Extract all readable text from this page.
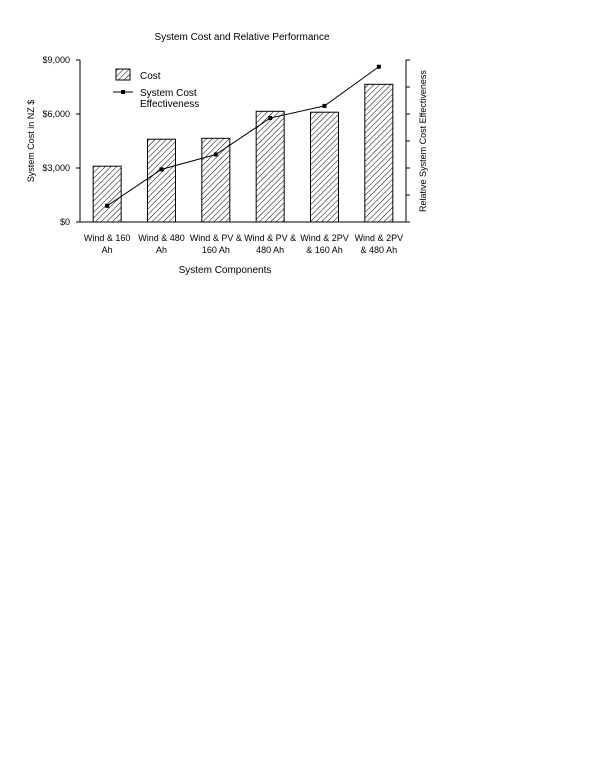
System Cost and Relative Performance
$0
$3,000
$6,000
$9,000
Wind & 160 Ah
Wind & 480 Ah
Wind & PV & 160 Ah
Wind & PV & 480 Ah
Wind & 2PV & 160 Ah
Wind & 2PV & 480 Ah
System Cost in NZ $	Relative System Cost Effectiveness
System Components
Cost
System Cost
Effectiveness
